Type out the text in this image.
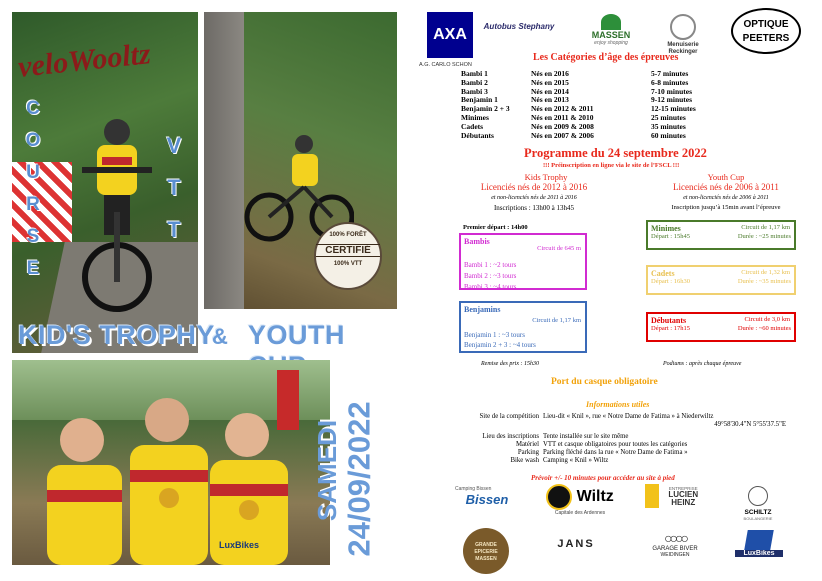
veloWooltz
C
O
U
R
S
E
V
T
T	100% FORÊT
CERTIFIÉ
100% VTT
KID'S TROPHY
& YOUTH
LuxBikes
SAMEDI 24/09/2022
AXA
A.G. CARLO SCHON
Autobus Stephany
MASSEN
enjoy shopping	Menuiserie Reckinger
OPTIQUE PEETERS
Les Catégories d’âge des épreuves
Bambi 1	Nés en 2016	5-7 minutes
Bambi 2	Nés en 2015	6-8 minutes
Bambi 3	Nés en 2014	7-10 minutes
Benjamin 1	Nés en 2013	9-12 minutes
Benjamin 2 + 3	Nés en 2012 & 2011	12-15 minutes
Minimes	Nés en 2011 & 2010	25 minutes
Cadets	Nés en 2009 & 2008	35 minutes
Débutants	Nés en 2007 & 2006	60 minutes
Programme du 24 septembre 2022
!!! Préinscription en ligne via le site de l’FSCL !!!
Kids Trophy
Licenciés nés de 2012 à 2016
et non-licenciés nés de 2011 à 2016
Inscriptions : 13h00 à 13h45
Premier départ : 14h00
Youth Cup
Licenciés nés de 2006 à 2011
et non-licenciés nés de 2006 à 2011
Inscription jusqu’à 15min avant l’épreuve
Bambis
Circuit de 645 m
Bambi 1 : ~2 tours
Bambi 2 : ~3 tours
Bambi 3 : ~4 tours
Benjamins
Circuit de 1,17 km
Benjamin 1 : ~3 tours
Benjamin 2 + 3 : ~4 tours
Minimes	Circuit de 1,17 km
Départ : 15h45	Durée : ~25 minutes
Cadets	Circuit de 1,32 km
Départ : 16h30	Durée : ~35 minutes
Débutants	Circuit de 3,0 km
Départ : 17h15	Durée : ~60 minutes
Remise des prix : 15h30	Podiums : après chaque épreuve
Port du casque obligatoire
Informations utiles
Site de la compétition Lieu-dit « Knil », rue « Notre Dame de Fatima » à Niederwiltz
49°58'30.4"N 5°55'37.5"E
Lieu des inscriptions Tente installée sur le site même
Matériel VTT et casque obligatoires pour toutes les catégories
Parking Parking fléché dans la rue « Notre Dame de Fatima »
Bike wash Camping « Knil » Wiltz
Prévoir +/- 10 minutes pour accéder au site à pied
Camping Bissen
Bissen	Wiltz
Capitale des Ardennes

ENTREPRISE
LUCIEN HEINZ

SCHILTZ
BOULANGERIE
GRANDE EPICERIE MASSEN
JANS	○○○○
GARAGE BIVER
WEIDINGEN	LuxBikes
